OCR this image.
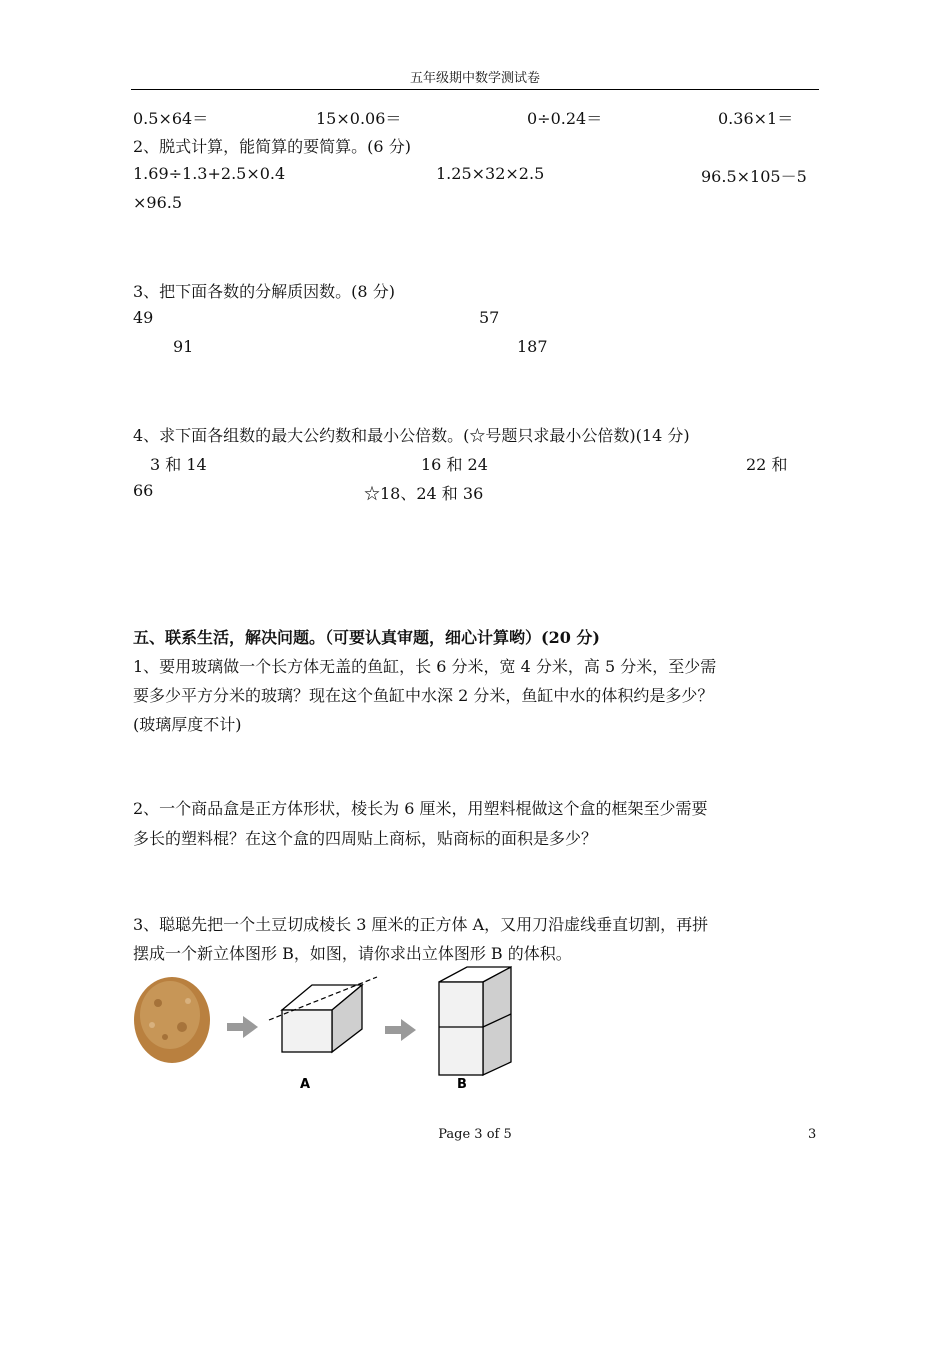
五年级期中数学测试卷
0.5×64＝	15×0.06＝	0÷0.24＝	0.36×1＝
2、脱式计算，能简算的要简算。(6 分)
1.69÷1.3+2.5×0.4	1.25×32×2.5	96.5×105－5
×96.5
3、把下面各数的分解质因数。(8 分)
49	57
91	187
4、求下面各组数的最大公约数和最小公倍数。(☆号题只求最小公倍数)(14 分)
3 和 14	16 和 24	22 和
66	☆18、24 和 36
五、联系生活，解决问题。（可要认真审题，细心计算哟）(20 分)
1、要用玻璃做一个长方体无盖的鱼缸，长 6 分米，宽 4 分米，高 5 分米，至少需
要多少平方分米的玻璃？现在这个鱼缸中水深 2 分米，鱼缸中水的体积约是多少？
(玻璃厚度不计)
2、一个商品盒是正方体形状，棱长为 6 厘米，用塑料棍做这个盒的框架至少需要
多长的塑料棍？在这个盒的四周贴上商标，贴商标的面积是多少？
3、聪聪先把一个土豆切成棱长 3 厘米的正方体 A，又用刀沿虚线垂直切割，再拼
摆成一个新立体图形 B，如图，请你求出立体图形 B 的体积。
A	B
Page 3 of 5	3
